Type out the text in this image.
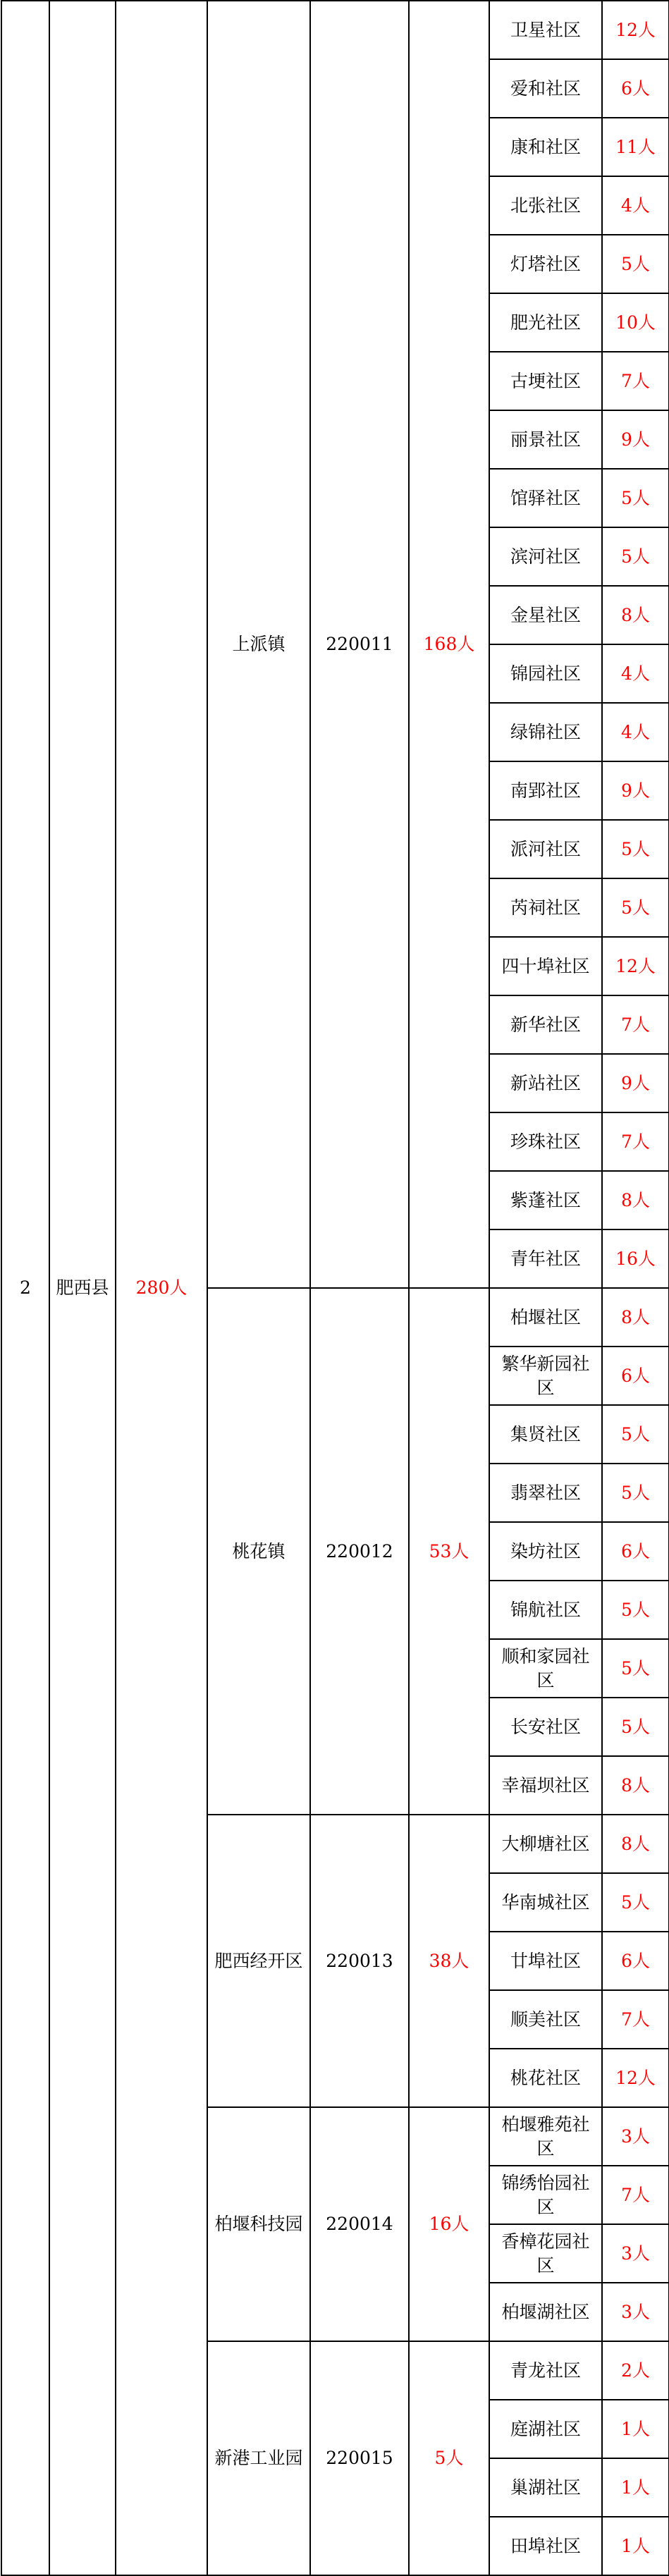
2	肥西县	280人	上派镇	220011	168人	卫星社区	12人
						爱和社区	6人
						康和社区	11人
						北张社区	4人
						灯塔社区	5人
						肥光社区	10人
						古埂社区	7人
						丽景社区	9人
						馆驿社区	5人
						滨河社区	5人
						金星社区	8人
						锦园社区	4人
						绿锦社区	4人
						南郢社区	9人
						派河社区	5人
						芮祠社区	5人
						四十埠社区	12人
						新华社区	7人
						新站社区	9人
						珍珠社区	7人
						紫蓬社区	8人
						青年社区	16人
			桃花镇	220012	53人	柏堰社区	8人
						繁华新园社区	6人
						集贤社区	5人
						翡翠社区	5人
						染坊社区	6人
						锦航社区	5人
						顺和家园社区	5人
						长安社区	5人
						幸福坝社区	8人
			肥西经开区	220013	38人	大柳塘社区	8人
						华南城社区	5人
						廿埠社区	6人
						顺美社区	7人
						桃花社区	12人
			柏堰科技园	220014	16人	柏堰雅苑社区	3人
						锦绣怡园社区	7人
						香樟花园社区	3人
						柏堰湖社区	3人
			新港工业园	220015	5人	青龙社区	2人
						庭湖社区	1人
						巢湖社区	1人
						田埠社区	1人
